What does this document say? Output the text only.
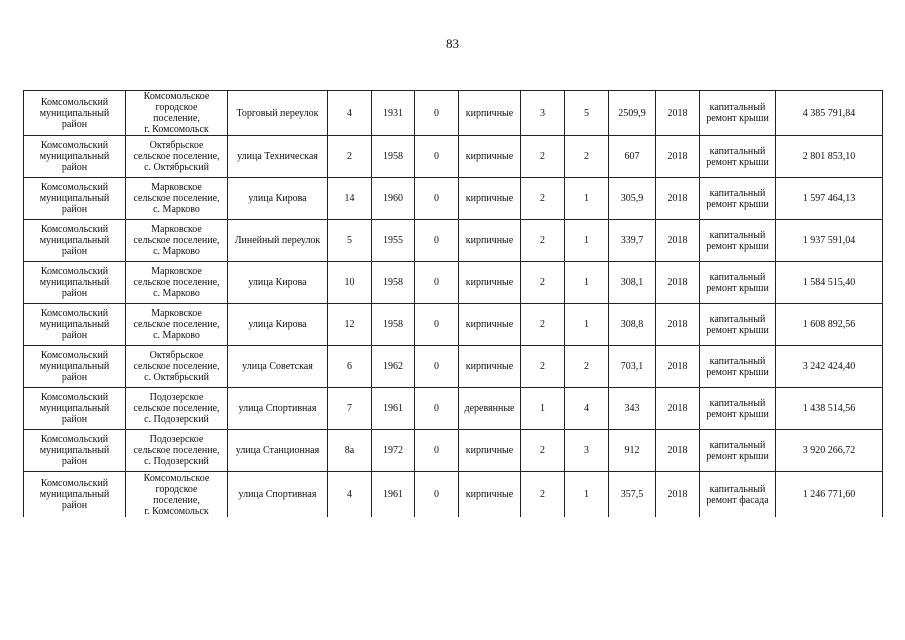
83
Комсомольский
муниципальный
район	Комсомольское
городское
поселение,
г. Комсомольск	Торговый переулок	4	1931	0	кирпичные	3	5	2509,9	2018	капитальный
ремонт крыши	4 385 791,84
Комсомольский
муниципальный
район	Октябрьское
сельское поселение,
с. Октябрьский	улица Техническая	2	1958	0	кирпичные	2	2	607	2018	капитальный
ремонт крыши	2 801 853,10
Комсомольский
муниципальный
район	Марковское
сельское поселение,
с. Марково	улица Кирова	14	1960	0	кирпичные	2	1	305,9	2018	капитальный
ремонт крыши	1 597 464,13
Комсомольский
муниципальный
район	Марковское
сельское поселение,
с. Марково	Линейный переулок	5	1955	0	кирпичные	2	1	339,7	2018	капитальный
ремонт крыши	1 937 591,04
Комсомольский
муниципальный
район	Марковское
сельское поселение,
с. Марково	улица Кирова	10	1958	0	кирпичные	2	1	308,1	2018	капитальный
ремонт крыши	1 584 515,40
Комсомольский
муниципальный
район	Марковское
сельское поселение,
с. Марково	улица Кирова	12	1958	0	кирпичные	2	1	308,8	2018	капитальный
ремонт крыши	1 608 892,56
Комсомольский
муниципальный
район	Октябрьское
сельское поселение,
с. Октябрьский	улица Советская	6	1962	0	кирпичные	2	2	703,1	2018	капитальный
ремонт крыши	3 242 424,40
Комсомольский
муниципальный
район	Подозерское
сельское поселение,
с. Подозерский	улица Спортивная	7	1961	0	деревянные	1	4	343	2018	капитальный
ремонт крыши	1 438 514,56
Комсомольский
муниципальный
район	Подозерское
сельское поселение,
с. Подозерский	улица Станционная	8а	1972	0	кирпичные	2	3	912	2018	капитальный
ремонт крыши	3 920 266,72
Комсомольский
муниципальный
район	Комсомольское
городское
поселение,
г. Комсомольск	улица Спортивная	4	1961	0	кирпичные	2	1	357,5	2018	капитальный
ремонт фасада	1 246 771,60
